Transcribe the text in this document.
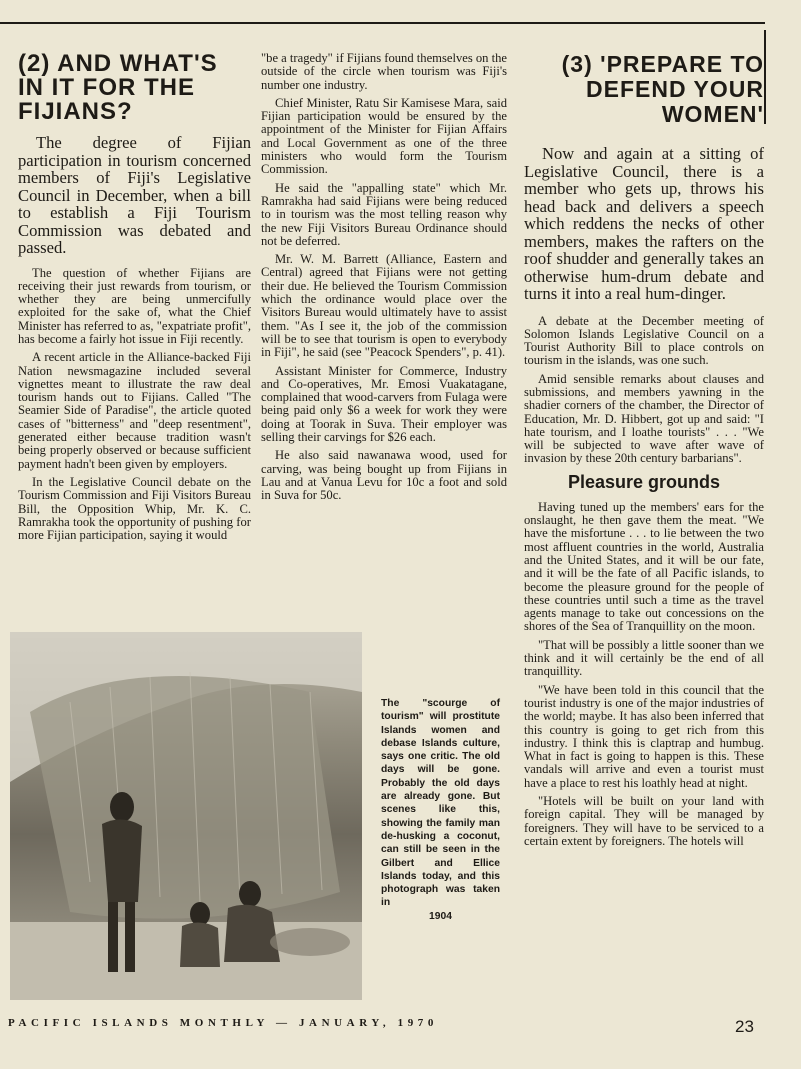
(2) AND WHAT'S IN IT FOR THE FIJIANS?

The degree of Fijian participation in tourism concerned members of Fiji's Legislative Council in December, when a bill to establish a Fiji Tourism Commission was debated and passed.

The question of whether Fijians are receiving their just rewards from tourism, or whether they are being unmercifully exploited for the sake of, what the Chief Minister has referred to as, "expatriate profit", has become a fairly hot issue in Fiji recently.

A recent article in the Alliance-backed Fiji Nation newsmagazine included several vignettes meant to illustrate the raw deal tourism hands out to Fijians. Called "The Seamier Side of Paradise", the article quoted cases of "bitterness" and "deep resentment", generated either because tradition wasn't being properly observed or because sufficient payment hadn't been given by employers.

In the Legislative Council debate on the Tourism Commission and Fiji Visitors Bureau Bill, the Opposition Whip, Mr. K. C. Ramrakha took the opportunity of pushing for more Fijian participation, saying it would

"be a tragedy" if Fijians found themselves on the outside of the circle when tourism was Fiji's number one industry.

Chief Minister, Ratu Sir Kamisese Mara, said Fijian participation would be ensured by the appointment of the Minister for Fijian Affairs and Local Government as one of the three ministers who would form the Tourism Commission.

He said the "appalling state" which Mr. Ramrakha had said Fijians were being reduced to in tourism was the most telling reason why the new Fiji Visitors Bureau Ordinance should not be deferred.

Mr. W. M. Barrett (Alliance, Eastern and Central) agreed that Fijians were not getting their due. He believed the Tourism Commission which the ordinance would place over the Visitors Bureau would ultimately have to assist them. "As I see it, the job of the commission will be to see that tourism is open to everybody in Fiji", he said (see "Peacock Spenders", p. 41).

Assistant Minister for Commerce, Industry and Co-operatives, Mr. Emosi Vuakatagane, complained that wood-carvers from Fulaga were being paid only $6 a week for work they were doing at Toorak in Suva. Their employer was selling their carvings for $26 each.

He also said nawanawa wood, used for carving, was being bought up from Fijians in Lau and at Vanua Levu for 10c a foot and sold in Suva for 50c.

The "scourge of tourism" will prostitute Islands women and debase Islands culture, says one critic. The old days will be gone. Probably the old days are already gone. But scenes like this, showing the family man de-husking a coconut, can still be seen in the Gilbert and Ellice Islands today, and this photograph was taken in
1904
(3) 'PREPARE TO DEFEND YOUR WOMEN'

Now and again at a sitting of Legislative Council, there is a member who gets up, throws his head back and delivers a speech which reddens the necks of other members, makes the rafters on the roof shudder and generally takes an otherwise hum-drum debate and turns it into a real hum-dinger.

A debate at the December meeting of Solomon Islands Legislative Council on a Tourist Authority Bill to place controls on tourism in the islands, was one such.

Amid sensible remarks about clauses and submissions, and members yawning in the shadier corners of the chamber, the Director of Education, Mr. D. Hibbert, got up and said: "I hate tourism, and I loathe tourists" . . . "We will be subjected to wave after wave of invasion by these 20th century barbarians".

Pleasure grounds

Having tuned up the members' ears for the onslaught, he then gave them the meat. "We have the misfortune . . . to lie between the two most affluent countries in the world, Australia and the United States, and it will be our fate, and it will be the fate of all Pacific islands, to become the pleasure ground for the people of these countries until such a time as the travel agents manage to take out concessions on the shores of the Sea of Tranquillity on the moon.

"That will be possibly a little sooner than we think and it will certainly be the end of all tranquillity.

"We have been told in this council that the tourist industry is one of the major industries of the world; maybe. It has also been inferred that this country is going to get rich from this industry. I think this is claptrap and humbug. What in fact is going to happen is this. These vandals will arrive and even a tourist must have a place to rest his loathly head at night.

"Hotels will be built on your land with foreign capital. They will be managed by foreigners. They will have to be serviced to a certain extent by foreigners. The hotels will

PACIFIC ISLANDS MONTHLY — JANUARY, 1970	23
